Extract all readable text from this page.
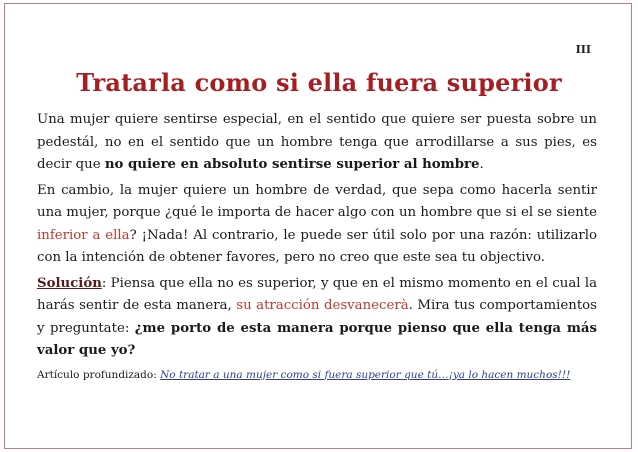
III
Tratarla como si ella fuera superior

Una mujer quiere sentirse especial, en el sentido que quiere ser puesta sobre un pedestál, no en el sentido que un hombre tenga que arrodillarse a sus pies, es decir que no quiere en absoluto sentirse superior al hombre.

En cambio, la mujer quiere un hombre de verdad, que sepa como hacerla sentir una mujer, porque ¿qué le importa de hacer algo con un hombre que si el se siente inferior a ella? ¡Nada! Al contrario, le puede ser útil solo por una razón: utilizarlo con la intención de obtener favores, pero no creo que este sea tu objectivo.

Solución: Piensa que ella no es superior, y que en el mismo momento en el cual la harás sentir de esta manera, su atracción desvanecerà. Mira tus comportamientos y preguntate: ¿me porto de esta manera porque pienso que ella tenga más valor que yo?

Artículo profundizado: No tratar a una mujer como si fuera superior que tú…¡ya lo hacen muchos!!!
